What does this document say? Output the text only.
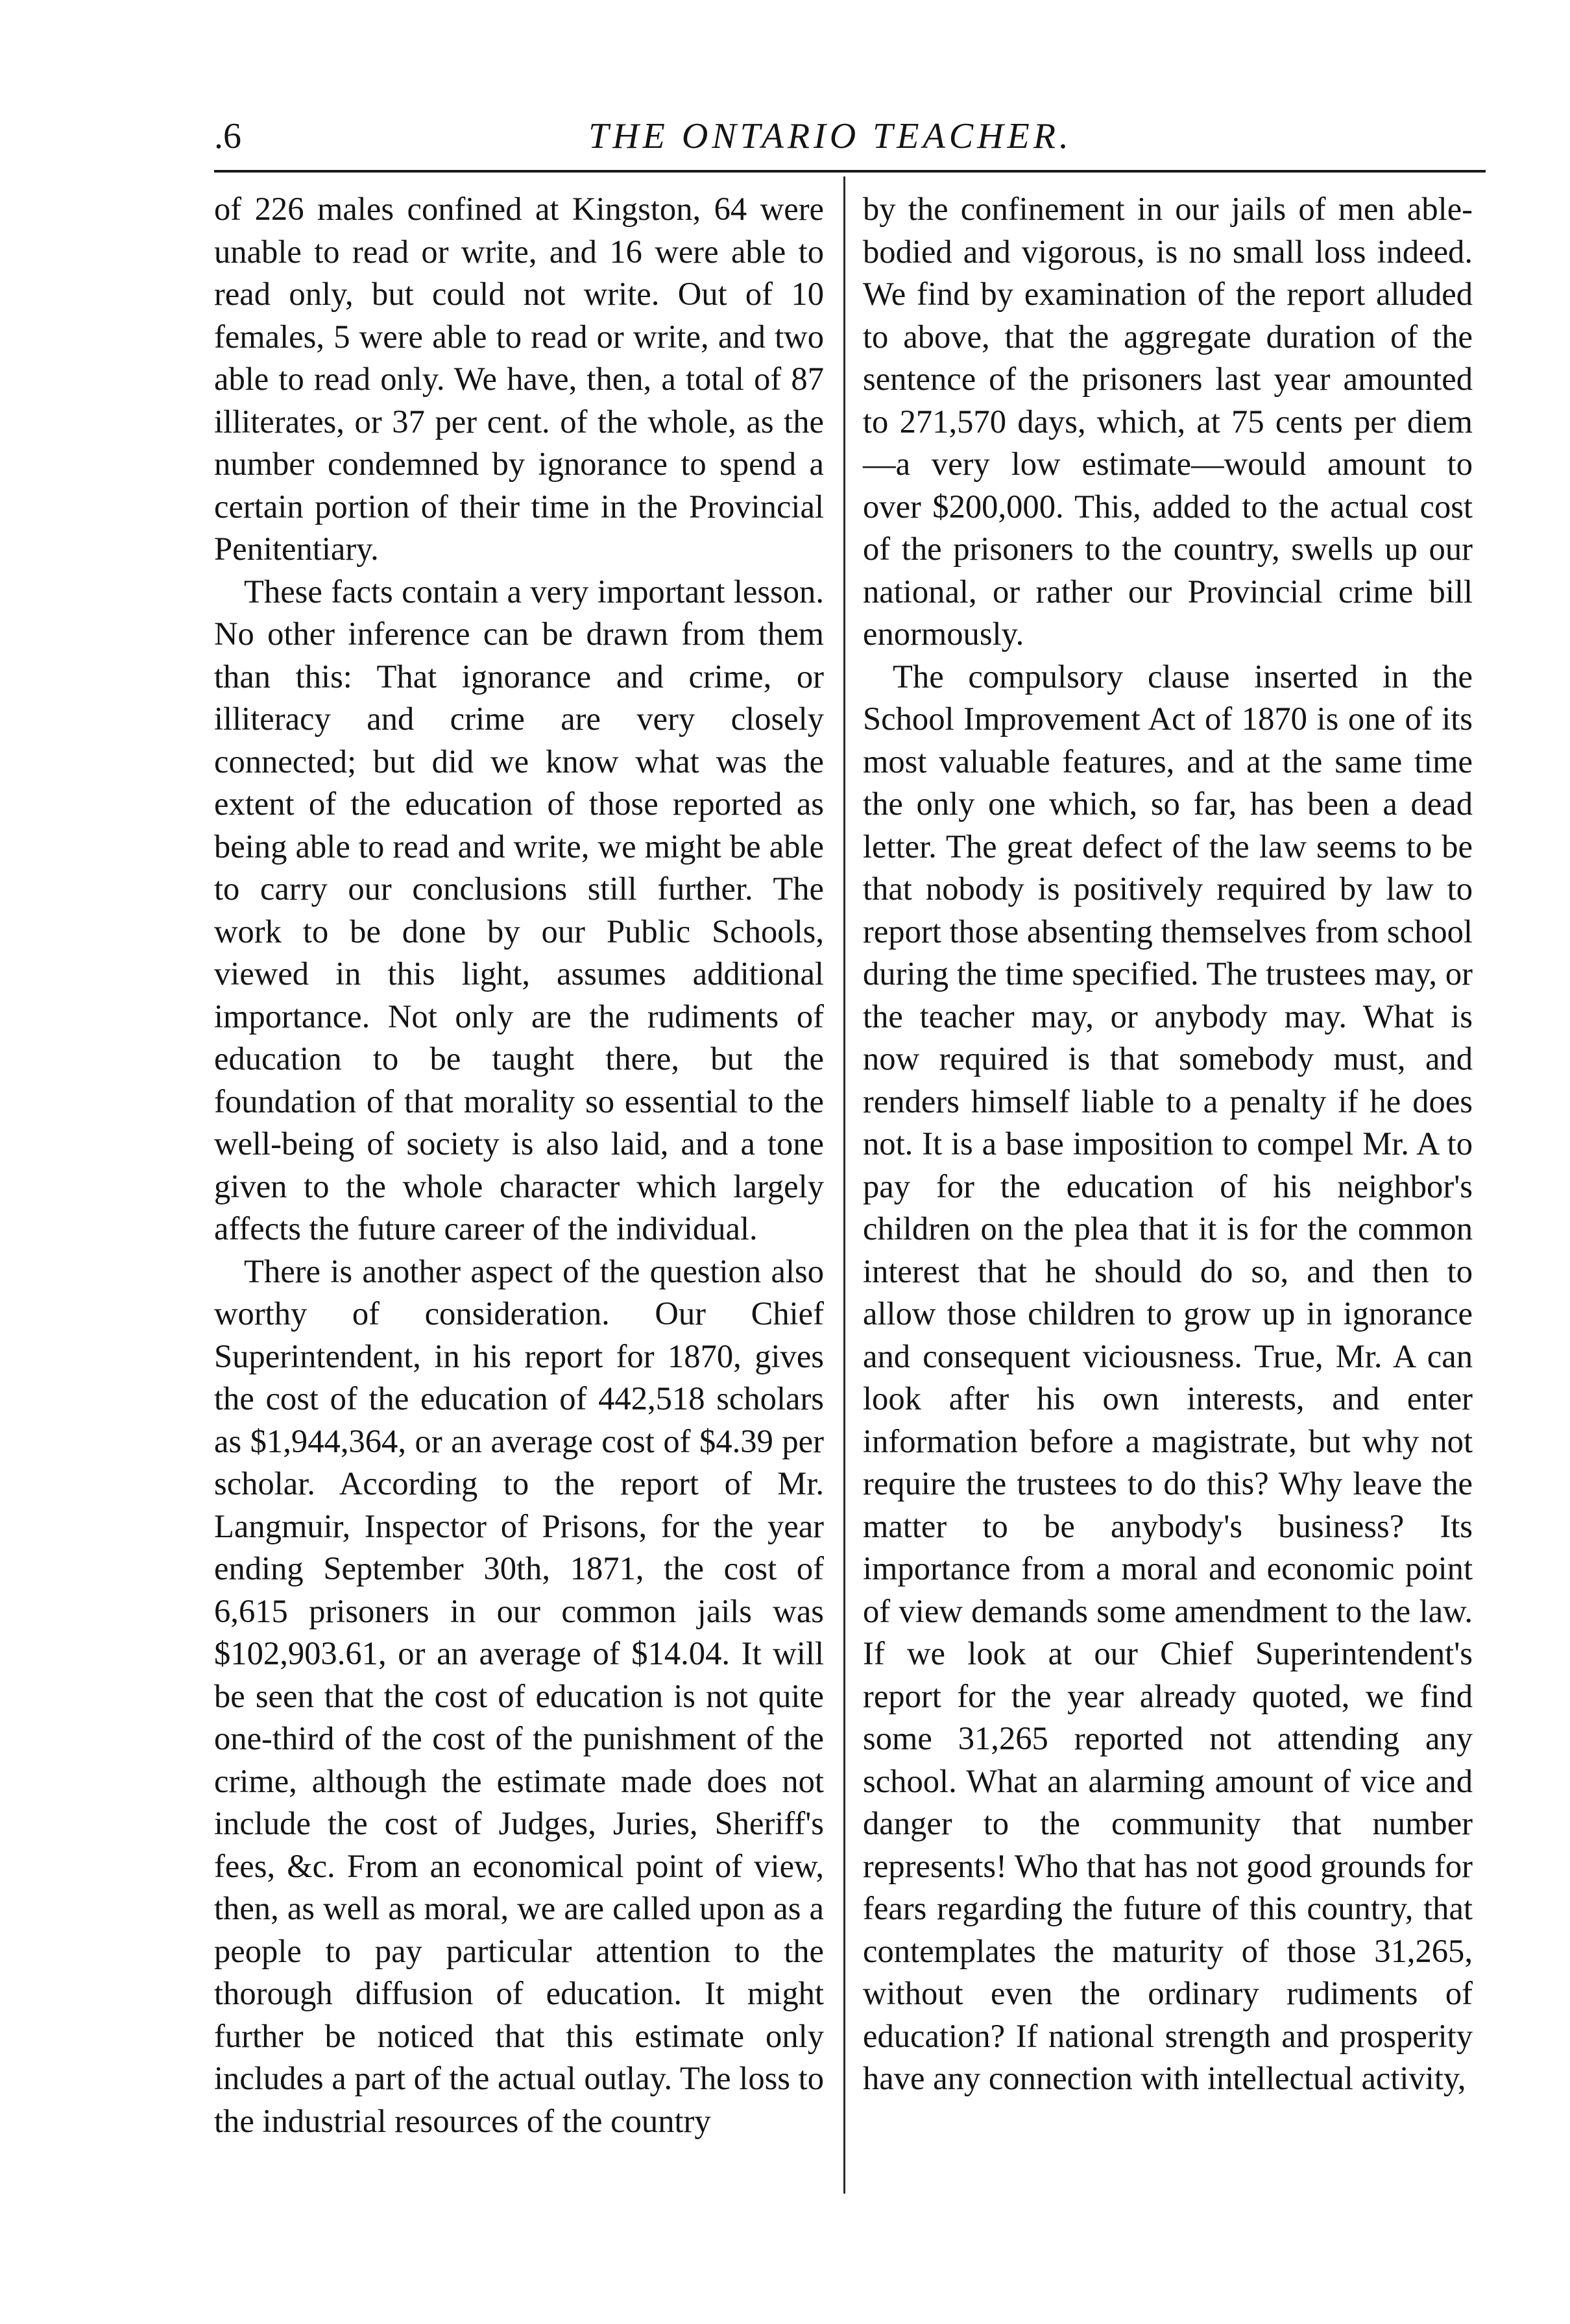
.6	THE ONTARIO TEACHER.

of 226 males confined at Kingston, 64 were unable to read or write, and 16 were able to read only, but could not write. Out of 10 females, 5 were able to read or write, and two able to read only. We have, then, a total of 87 illiterates, or 37 per cent. of the whole, as the number condemned by ignorance to spend a certain portion of their time in the Provincial Penitentiary.

These facts contain a very important lesson. No other inference can be drawn from them than this: That ignorance and crime, or illiteracy and crime are very closely connected; but did we know what was the extent of the education of those reported as being able to read and write, we might be able to carry our conclusions still further. The work to be done by our Public Schools, viewed in this light, assumes additional importance. Not only are the rudiments of education to be taught there, but the foundation of that morality so essential to the well-being of society is also laid, and a tone given to the whole character which largely affects the future career of the individual.

There is another aspect of the question also worthy of consideration. Our Chief Superintendent, in his report for 1870, gives the cost of the education of 442,518 scholars as $1,944,364, or an average cost of $4.39 per scholar. According to the report of Mr. Langmuir, Inspector of Prisons, for the year ending September 30th, 1871, the cost of 6,615 prisoners in our common jails was $102,903.61, or an average of $14.04. It will be seen that the cost of education is not quite one-third of the cost of the punishment of the crime, although the estimate made does not include the cost of Judges, Juries, Sheriff's fees, &c. From an economical point of view, then, as well as moral, we are called upon as a people to pay particular attention to the thorough diffusion of education. It might further be noticed that this estimate only includes a part of the actual outlay. The loss to the industrial resources of the country

by the confinement in our jails of men able-bodied and vigorous, is no small loss indeed. We find by examination of the report alluded to above, that the aggregate duration of the sentence of the prisoners last year amounted to 271,570 days, which, at 75 cents per diem—a very low estimate—would amount to over $200,000. This, added to the actual cost of the prisoners to the country, swells up our national, or rather our Provincial crime bill enormously.

The compulsory clause inserted in the School Improvement Act of 1870 is one of its most valuable features, and at the same time the only one which, so far, has been a dead letter. The great defect of the law seems to be that nobody is positively required by law to report those absenting themselves from school during the time specified. The trustees may, or the teacher may, or anybody may. What is now required is that somebody must, and renders himself liable to a penalty if he does not. It is a base imposition to compel Mr. A to pay for the education of his neighbor's children on the plea that it is for the common interest that he should do so, and then to allow those children to grow up in ignorance and consequent viciousness. True, Mr. A can look after his own interests, and enter information before a magistrate, but why not require the trustees to do this? Why leave the matter to be anybody's business? Its importance from a moral and economic point of view demands some amendment to the law. If we look at our Chief Superintendent's report for the year already quoted, we find some 31,265 reported not attending any school. What an alarming amount of vice and danger to the community that number represents! Who that has not good grounds for fears regarding the future of this country, that contemplates the maturity of those 31,265, without even the ordinary rudiments of education? If national strength and prosperity have any connection with intellectual activity,
